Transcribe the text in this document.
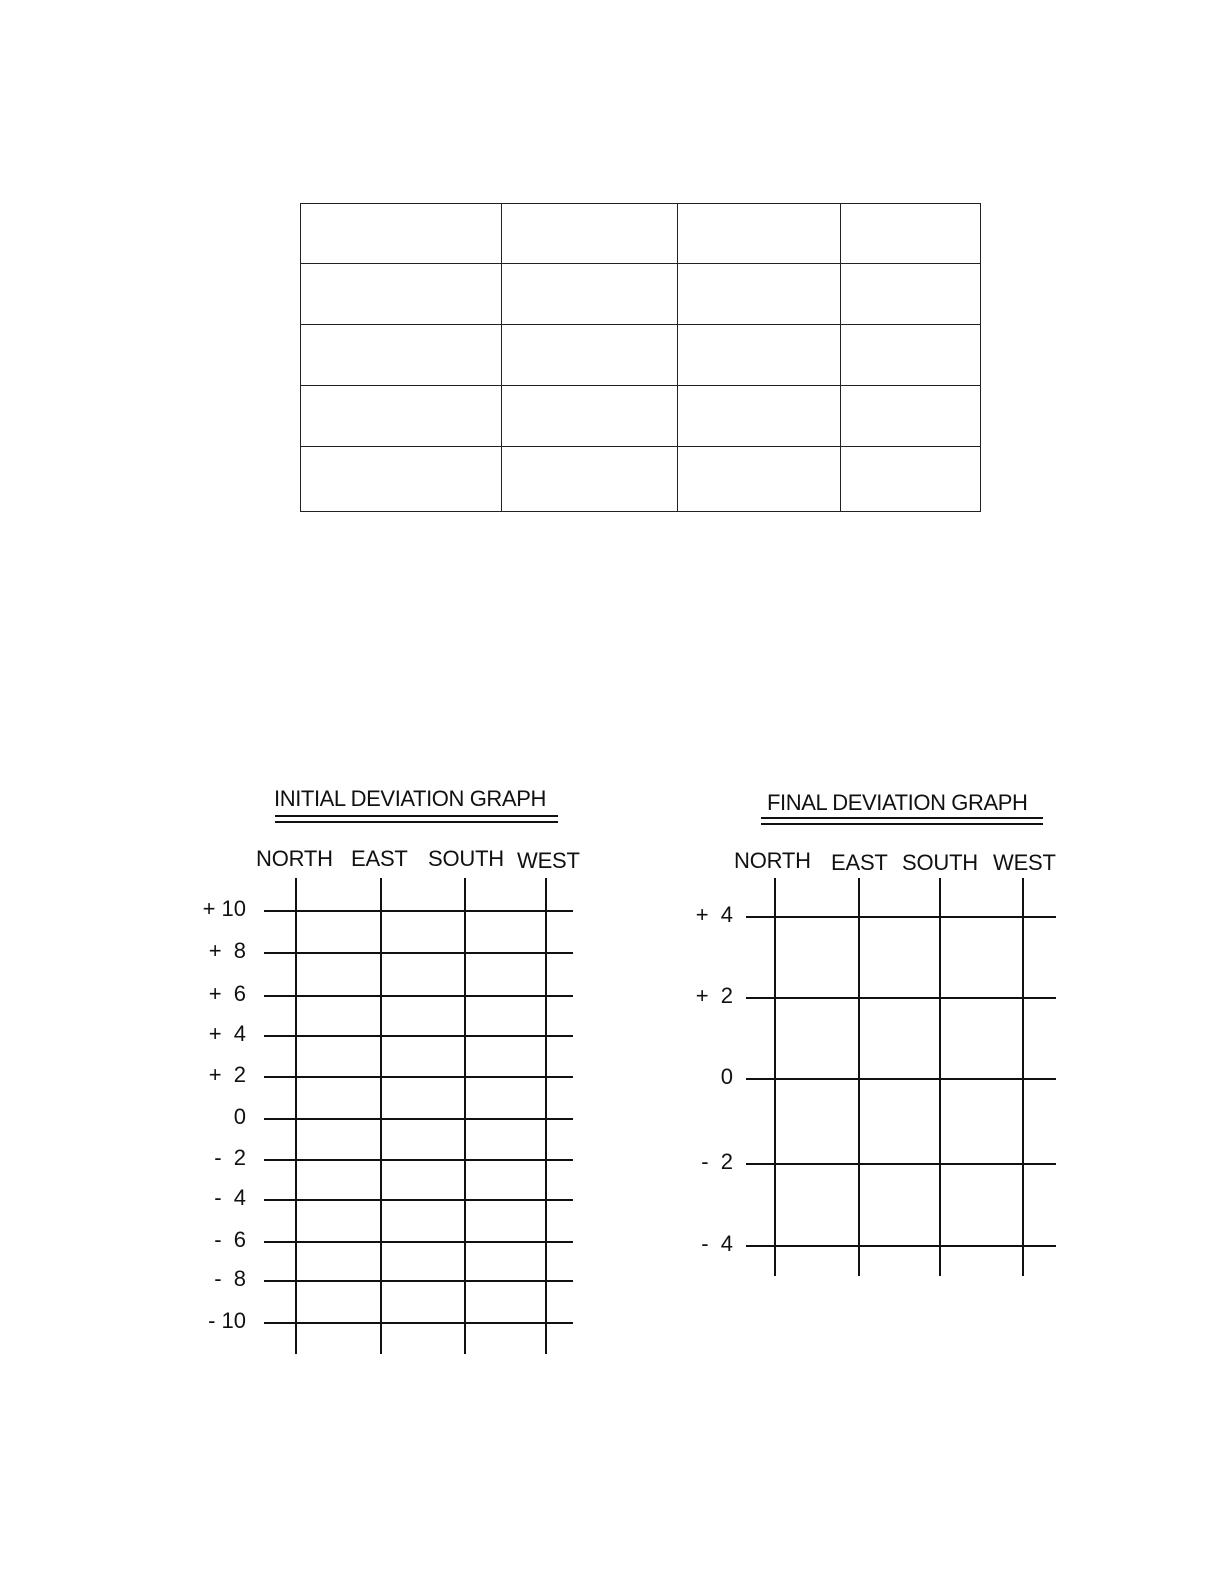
INITIAL DEVIATION GRAPH
NORTH EAST SOUTH WEST
+ 10
+  8
+  6
+  4
+  2
0
-  2
-  4
-  6
-  8
- 10
FINAL DEVIATION GRAPH
NORTH EAST SOUTH WEST
+  4
+  2
0
-  2
-  4
